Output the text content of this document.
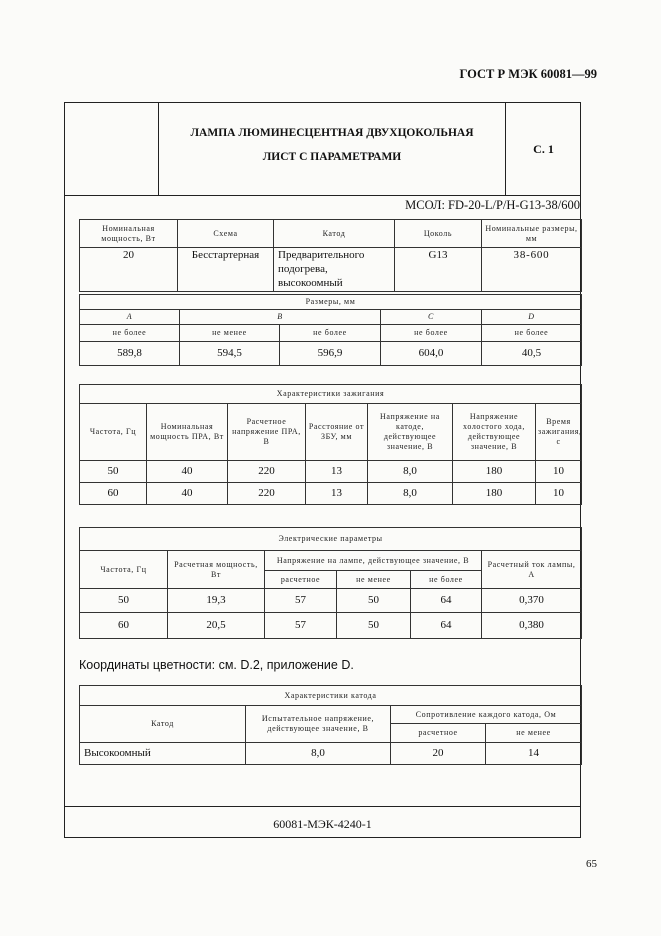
ГОСТ Р МЭК 60081—99
ЛАМПА ЛЮМИНЕСЦЕНТНАЯ ДВУХЦОКОЛЬНАЯ
ЛИСТ С ПАРАМЕТРАМИ
С. 1
МСОЛ: FD-20-L/P/H-G13-38/600
Номинальная мощность, Вт	Схема	Катод	Цоколь	Номинальные размеры, мм
20	Бесстартерная	Предварительного подогрева, высокоомный	G13	38-600
Размеры, мм				
A	B		C	D
не более	не менее	не более	не более	не более
589,8	594,5	596,9	604,0	40,5
Характеристики зажигания						
Частота, Гц	Номинальная мощность ПРА, Вт	Расчетное напряжение ПРА, В	Расстояние от ЗБУ, мм	Напряжение на катоде, действующее значение, В	Напряжение холостого хода, действующее значение, В	Время зажигания, с
50	40	220	13	8,0	180	10
60	40	220	13	8,0	180	10
Электрические параметры					
Частота, Гц	Расчетная мощность, Вт	Напряжение на лампе, действующее значение, В			Расчетный ток лампы, А
		расчетное	не менее	не более	
50	19,3	57	50	64	0,370
60	20,5	57	50	64	0,380
Координаты цветности: см. D.2, приложение D.
Характеристики катода			
Катод	Испытательное напряжение, действующее значение, В	Сопротивление каждого катода, Ом	
		расчетное	не менее
Высокоомный	8,0	20	14
60081-МЭК-4240-1
65
